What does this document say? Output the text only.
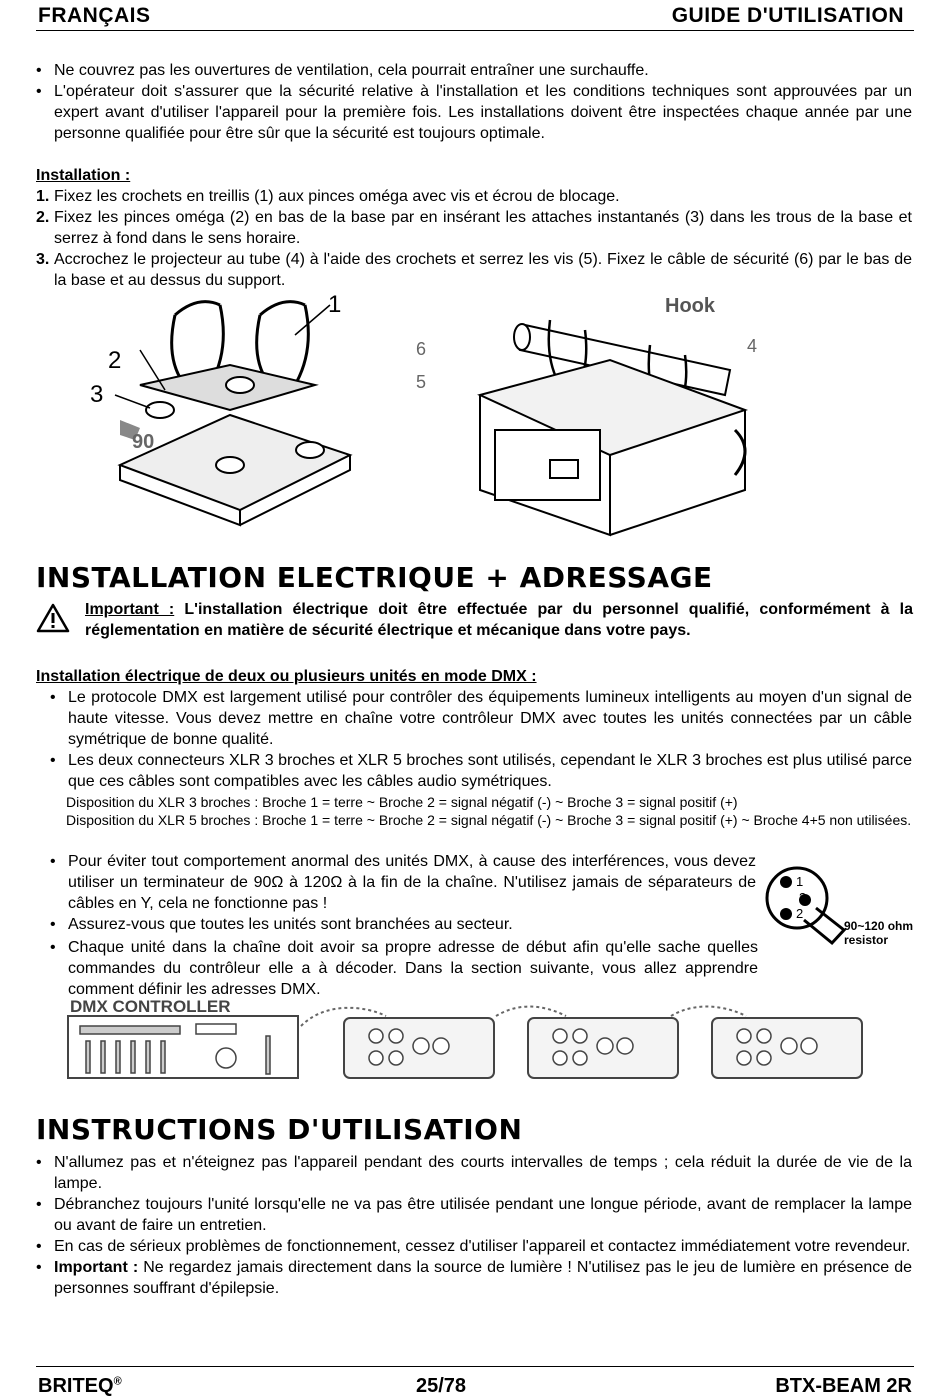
FRANÇAIS	GUIDE D'UTILISATION
• Ne couvrez pas les ouvertures de ventilation, cela pourrait entraîner une surchauffe.
• L'opérateur doit s'assurer que la sécurité relative à l'installation et les conditions techniques sont approuvées par un expert avant d'utiliser l'appareil pour la première fois. Les installations doivent être inspectées chaque année par une personne qualifiée pour être sûr que la sécurité est toujours optimale.
Installation :
1. Fixez les crochets en treillis (1) aux pinces oméga avec vis et écrou de blocage.
2. Fixez les pinces oméga (2) en bas de la base par en insérant les attaches instantanés (3) dans les trous de la base et serrez à fond dans le sens horaire.
3. Accrochez le projecteur au tube (4) à l'aide des crochets et serrez les vis (5). Fixez le câble de sécurité (6) par le bas de la base et au dessus du support.
1
2
3
90
Hook
4
6
5
INSTALLATION ELECTRIQUE + ADRESSAGE
Important : L'installation électrique doit être effectuée par du personnel qualifié, conformément à la réglementation en matière de sécurité électrique et mécanique dans votre pays.
Installation électrique de deux ou plusieurs unités en mode DMX :
• Le protocole DMX est largement utilisé pour contrôler des équipements lumineux intelligents au moyen d'un signal de haute vitesse. Vous devez mettre en chaîne votre contrôleur DMX avec toutes les unités connectées par un câble symétrique de bonne qualité.
• Les deux connecteurs XLR 3 broches et XLR 5 broches sont utilisés, cependant le XLR 3 broches est plus utilisé parce que ces câbles sont compatibles avec les câbles audio symétriques.
Disposition du XLR 3 broches : Broche 1 = terre ~ Broche 2 = signal négatif (-) ~ Broche 3 = signal positif (+)
Disposition du XLR 5 broches : Broche 1 = terre ~ Broche 2 = signal négatif (-) ~ Broche 3 = signal positif (+) ~ Broche 4+5 non utilisées.
• Pour éviter tout comportement anormal des unités DMX, à cause des interférences, vous devez utiliser un terminateur de 90Ω à 120Ω à la fin de la chaîne. N'utilisez jamais de séparateurs de câbles en Y, cela ne fonctionne pas !
• Assurez-vous que toutes les unités sont branchées au secteur.
• Chaque unité dans la chaîne doit avoir sa propre adresse de début afin qu'elle sache quelles commandes du contrôleur elle a à décoder. Dans la section suivante, vous allez apprendre comment définir les adresses DMX.
1
3
2
90~120 ohm
resistor
DMX CONTROLLER
INSTRUCTIONS D'UTILISATION
• N'allumez pas et n'éteignez pas l'appareil pendant des courts intervalles de temps ; cela réduit la durée de vie de la lampe.
• Débranchez toujours l'unité lorsqu'elle ne va pas être utilisée pendant une longue période, avant de remplacer la lampe ou avant de faire un entretien.
• En cas de sérieux problèmes de fonctionnement, cessez d'utiliser l'appareil et contactez immédiatement votre revendeur.
• Important : Ne regardez jamais directement dans la source de lumière ! N'utilisez pas le jeu de lumière en présence de personnes souffrant d'épilepsie.
BRITEQ®	25/78	BTX-BEAM 2R
